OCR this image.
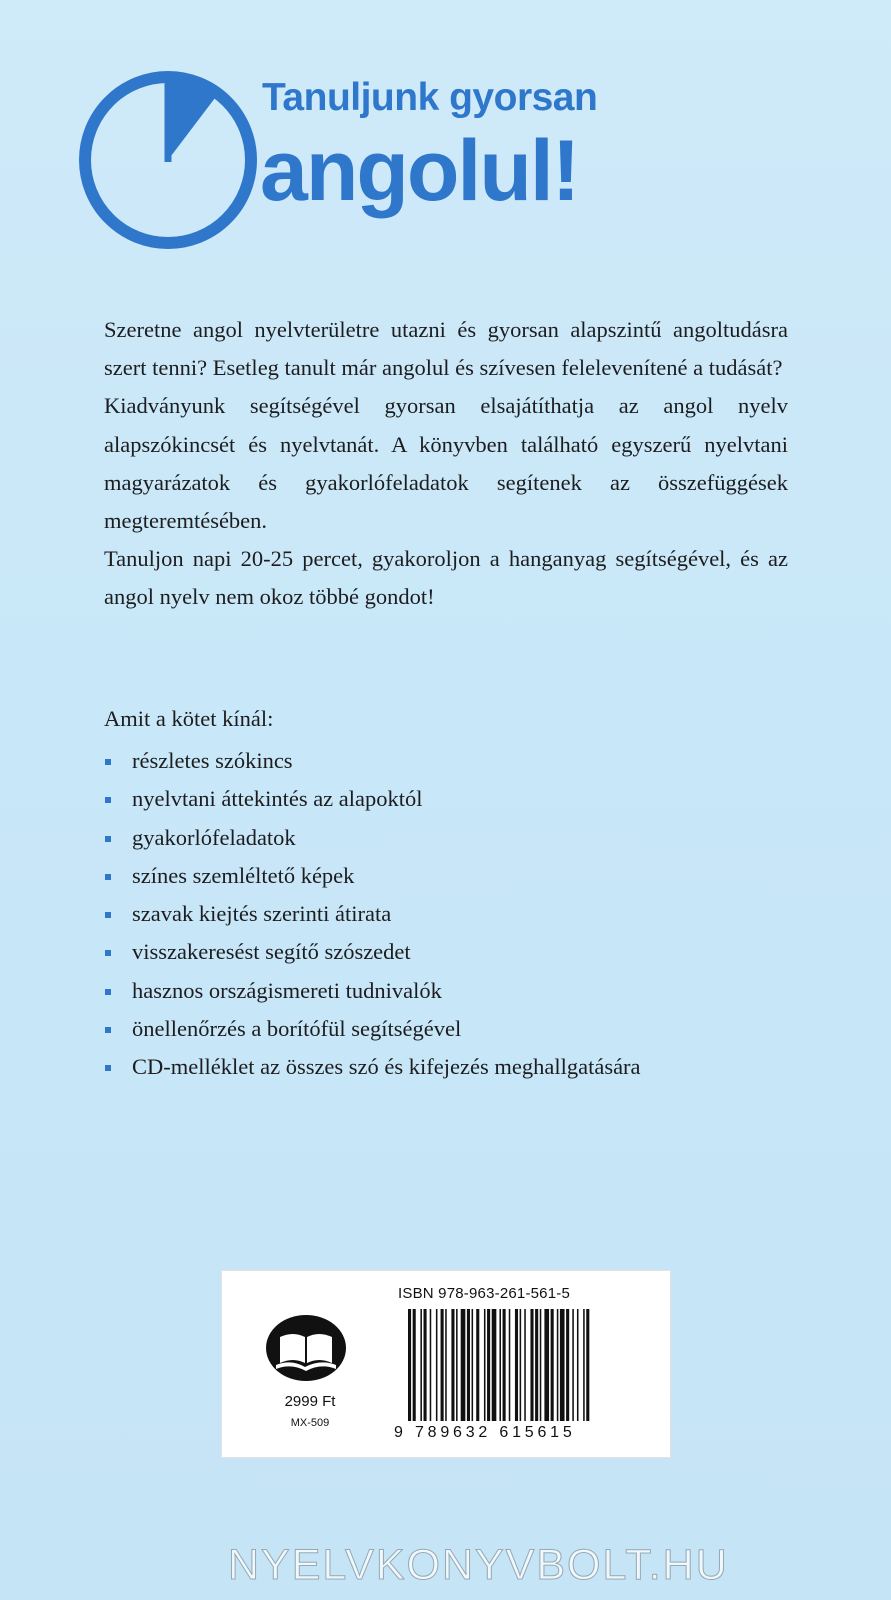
Tanuljunk gyorsan
angolul!

Szeretne angol nyelvterületre utazni és gyorsan alapszintű angoltudásra szert tenni? Esetleg tanult már angolul és szívesen felelevenítené a tudását?

Kiadványunk segítségével gyorsan elsajátíthatja az angol nyelv alapszókincsét és nyelvtanát. A könyvben található egyszerű nyelvtani magyarázatok és gyakorlófeladatok segítenek az összefüggések megteremtésében.

Tanuljon napi 20-25 percet, gyakoroljon a hanganyag segítségével, és az angol nyelv nem okoz többé gondot!

Amit a kötet kínál:
részletes szókincs
nyelvtani áttekintés az alapoktól
gyakorlófeladatok
színes szemléltető képek
szavak kiejtés szerinti átirata
visszakeresést segítő szószedet
hasznos országismereti tudnivalók
önellenőrzés a borítófül segítségével
CD-melléklet az összes szó és kifejezés meghallgatására
2999 Ft
MX-509
ISBN 978-963-261-561-5
9 789632 615615
NYELVKONYVBOLT.HU
